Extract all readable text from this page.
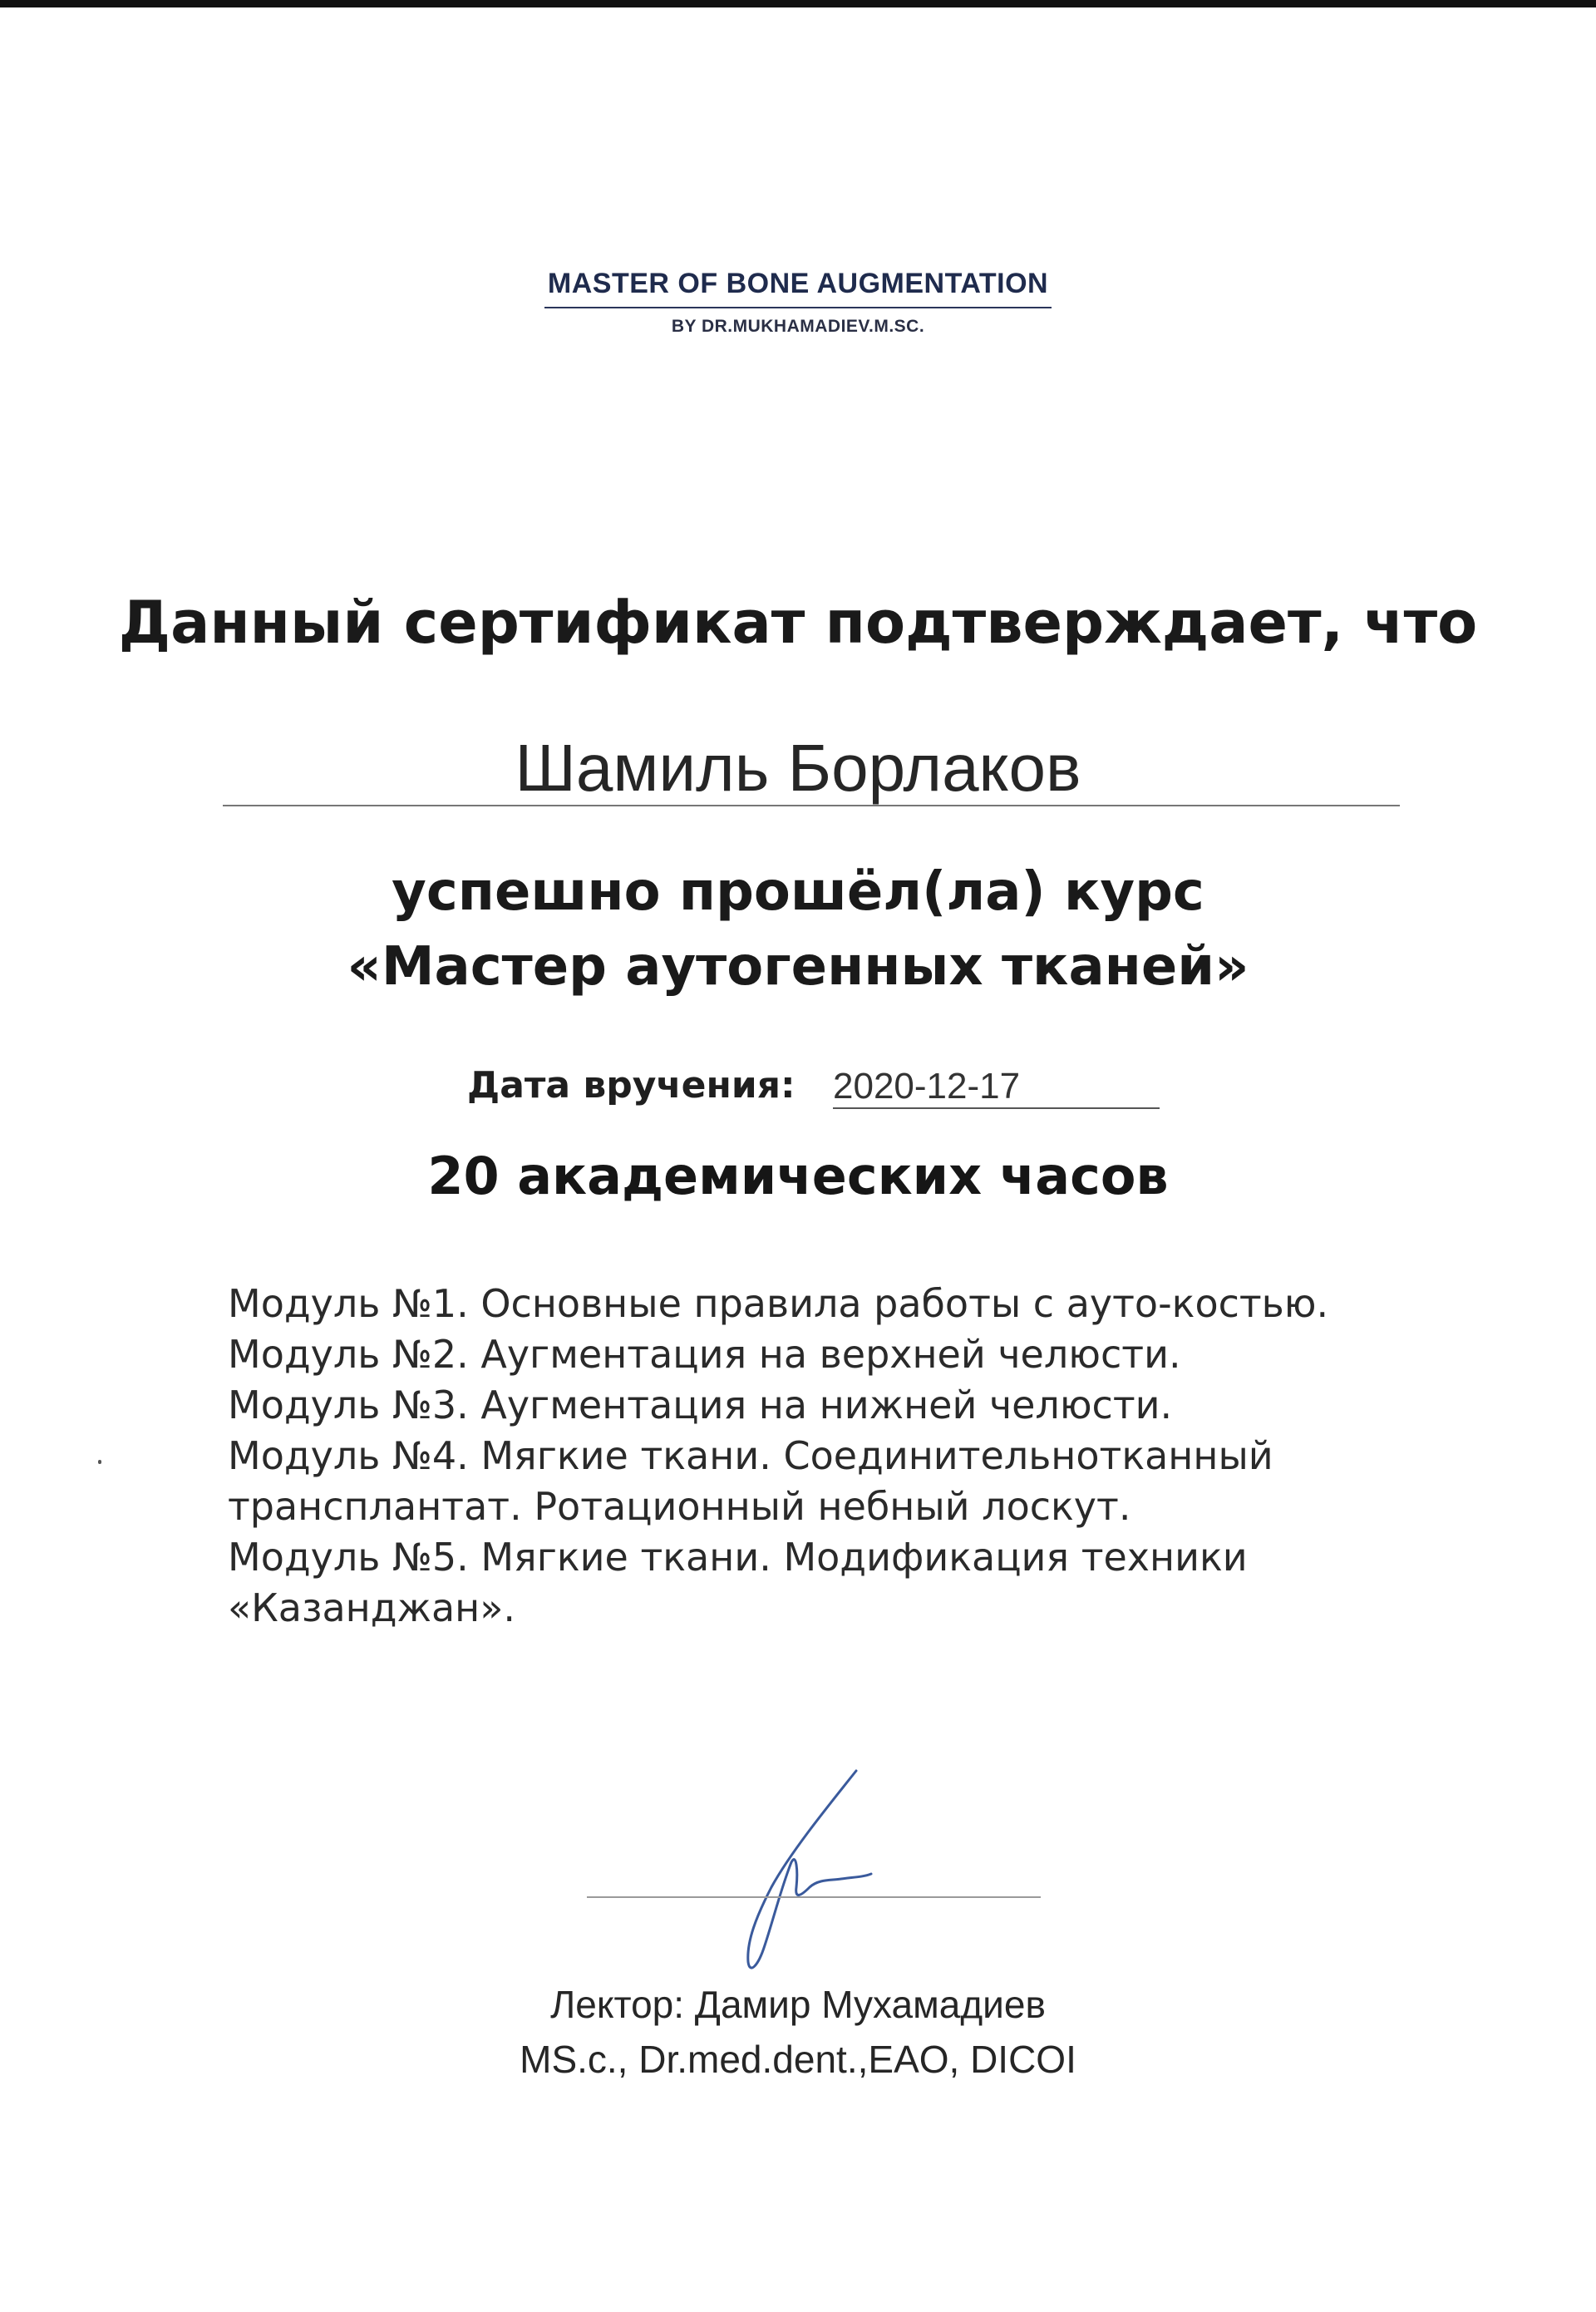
MASTER OF BONE AUGMENTATION
BY DR.MUKHAMADIEV.M.SC.
Данный сертификат подтверждает, что
Шамиль Борлаков
успешно прошёл(ла) курс
«Мастер аутогенных тканей»
Дата вручения: 2020-12-17
20 академических часов
Модуль №1. Основные правила работы с ауто-костью.
Модуль №2. Аугментация на верхней челюсти.
Модуль №3. Аугментация на нижней челюсти.
Модуль №4. Мягкие ткани. Соединительнотканный
трансплантат. Ротационный небный лоскут.
Модуль №5. Мягкие ткани. Модификация техники
«Казанджан».
Лектор: Дамир Мухамадиев
MS.c., Dr.med.dent.,EAO, DICOI
